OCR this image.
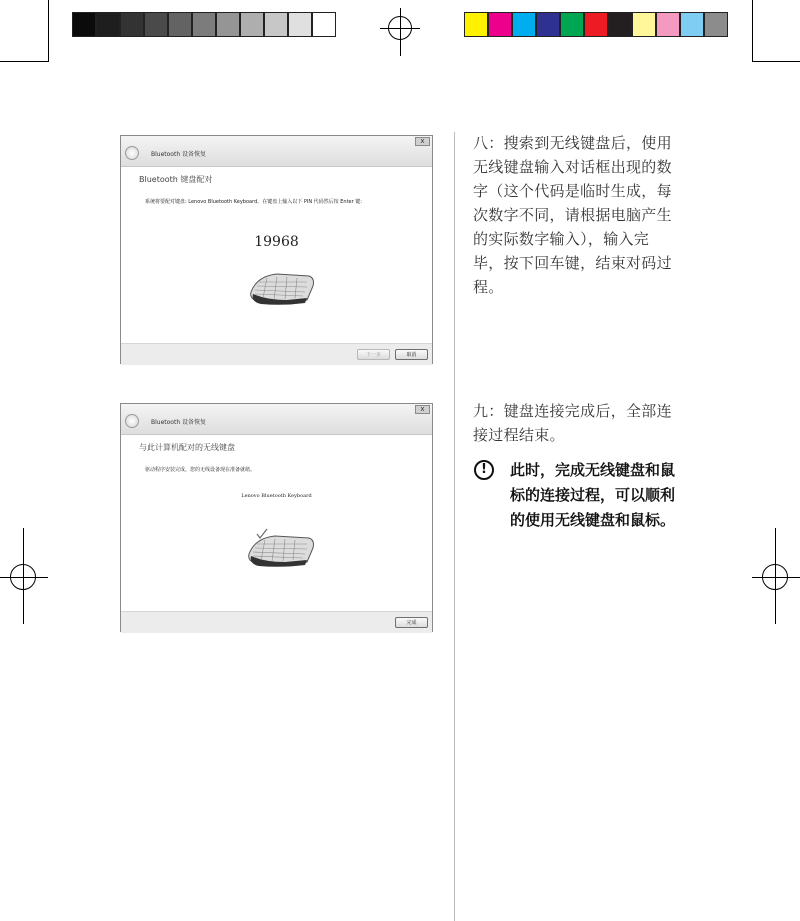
Bluetooth 设备恢复
x
Bluetooth 键盘配对
系统将要配对键盘: Lenovo Bluetooth Keyboard。在键盘上输入以下 PIN 代码然后按 Enter 键:
19968
下一步	取消
Bluetooth 设备恢复
x
与此计算机配对的无线键盘
驱动程序安装完成。您的无线设备现在准备就绪。
Lenovo Bluetooth Keyboard
完成
八：搜索到无线键盘后，使用无线键盘输入对话框出现的数字（这个代码是临时生成，每次数字不同，请根据电脑产生的实际数字输入），输入完毕，按下回车键，结束对码过程。
九：键盘连接完成后，全部连接过程结束。
!	此时，完成无线键盘和鼠标的连接过程，可以顺利的使用无线键盘和鼠标。
